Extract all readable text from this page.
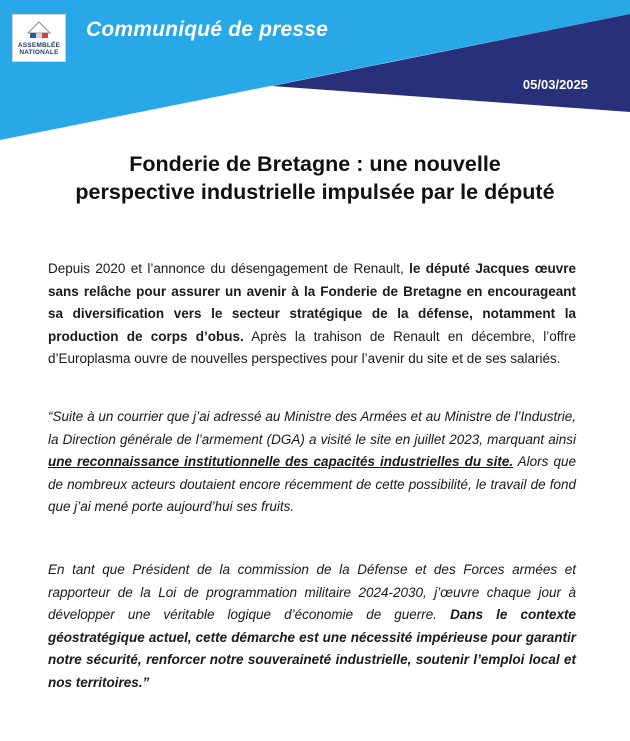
ASSEMBLÉE
NATIONALE
Communiqué de presse
05/03/2025
Fonderie de Bretagne : une nouvelle
perspective industrielle impulsée par le député

Depuis 2020 et l’annonce du désengagement de Renault, le député Jacques œuvre sans relâche pour assurer un avenir à la Fonderie de Bretagne en encourageant sa diversification vers le secteur stratégique de la défense, notamment la production de corps d’obus. Après la trahison de Renault en décembre, l’offre d’Europlasma ouvre de nouvelles perspectives pour l’avenir du site et de ses salariés.

“Suite à un courrier que j’ai adressé au Ministre des Armées et au Ministre de l’Industrie, la Direction générale de l’armement (DGA) a visité le site en juillet 2023, marquant ainsi une reconnaissance institutionnelle des capacités industrielles du site. Alors que de nombreux acteurs doutaient encore récemment de cette possibilité, le travail de fond que j’ai mené porte aujourd’hui ses fruits.

En tant que Président de la commission de la Défense et des Forces armées et rapporteur de la Loi de programmation militaire 2024-2030, j’œuvre chaque jour à développer une véritable logique d’économie de guerre. Dans le contexte géostratégique actuel, cette démarche est une nécessité impérieuse pour garantir notre sécurité, renforcer notre souveraineté industrielle, soutenir l’emploi local et nos territoires.”
